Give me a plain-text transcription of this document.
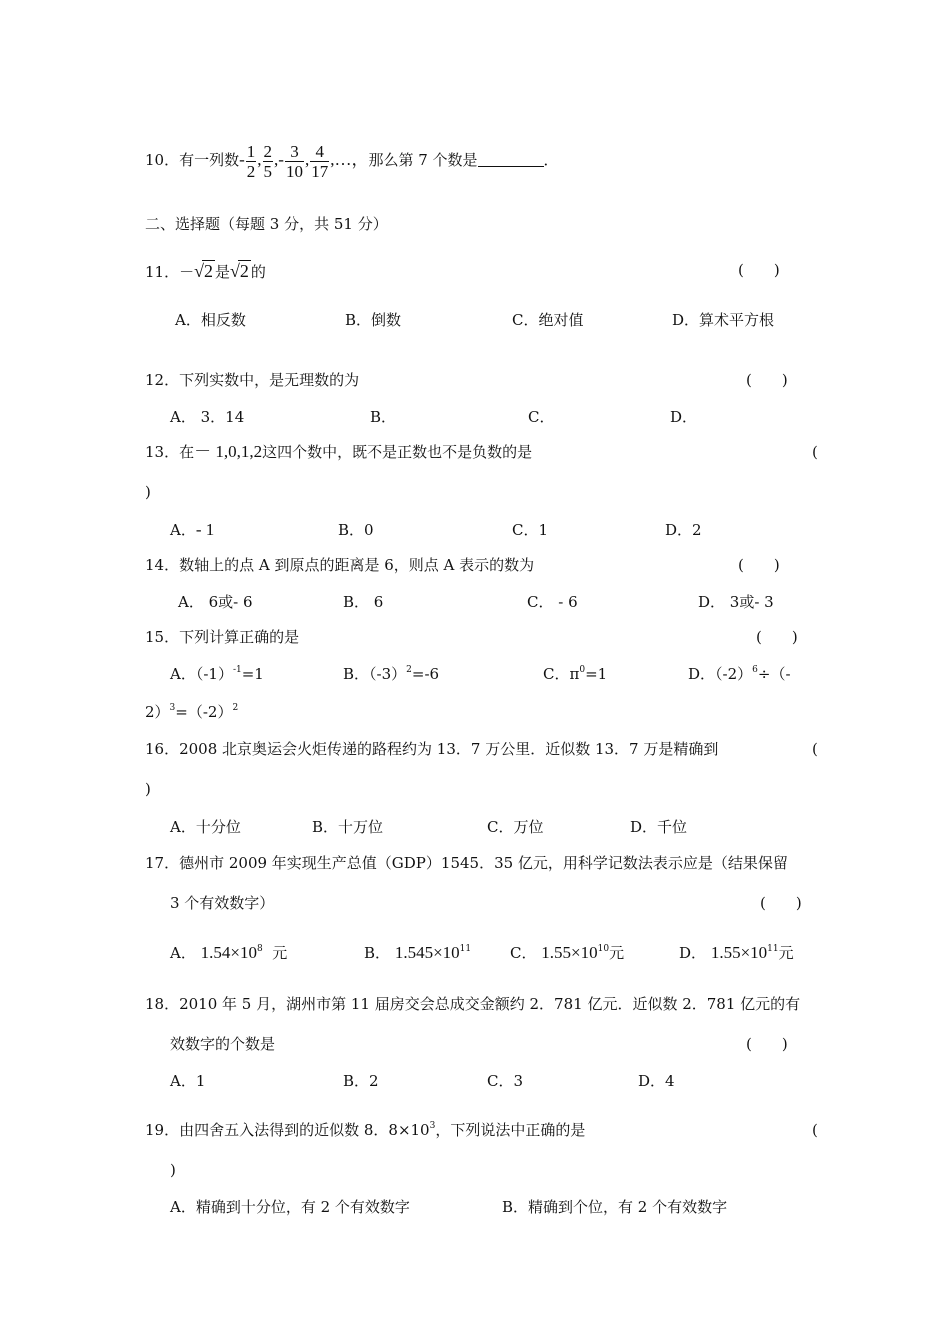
10．有一列数- $\frac{1}{2}$ , $\frac{2}{5}$ ,- $\frac{3}{10}$ , $\frac{4}{17}$ ,…，那么第 7 个数是	．
二、选择题（每题 3 分，共 51 分）
11．－√2 是√2 的	(　　)
A．相反数	B．倒数	C．绝对值	D．算术平方根
12．下列实数中，是无理数的为	(　　)
A． 3．14	B．	C．	D．
13．在－ 1,0,1,2这四个数中，既不是正数也不是负数的是	(
)
A．- 1	B．0	C．1	D．2
14．数轴上的点 A 到原点的距离是 6，则点 A 表示的数为	(　　)
A． 6或- 6	B． 6	C． - 6	D． 3或- 3
15．下列计算正确的是	(　　)
A．$(-1)^{-1}=1$	B．$(-3)^2=-6$	C．$\pi^0=1$	D．$(-2)^6\div(-$
$2)^3=(-2)^2$
16．2008 北京奥运会火炬传递的路程约为 13．7 万公里．近似数 13．7 万是精确到	(
)
A．十分位	B．十万位	C．万位	D．千位
17．德州市 2009 年实现生产总值（GDP）1545．35 亿元，用科学记数法表示应是（结果保留
3 个有效数字）	(　　)
A． $1.54\times 10^8$ 元	B． $1.545\times 10^{11}$	C． $1.55\times 10^{10}$元	D． $1.55\times 10^{11}$元
18．2010 年 5 月，湖州市第 11 届房交会总成交金额约 2．781 亿元．近似数 2．781 亿元的有
效数字的个数是	(　　)
A．1	B．2	C．3	D．4
19．由四舍五入法得到的近似数 8．$8\times 10^3$，下列说法中正确的是	(
)
A．精确到十分位，有 2 个有效数字	B．精确到个位，有 2 个有效数字
